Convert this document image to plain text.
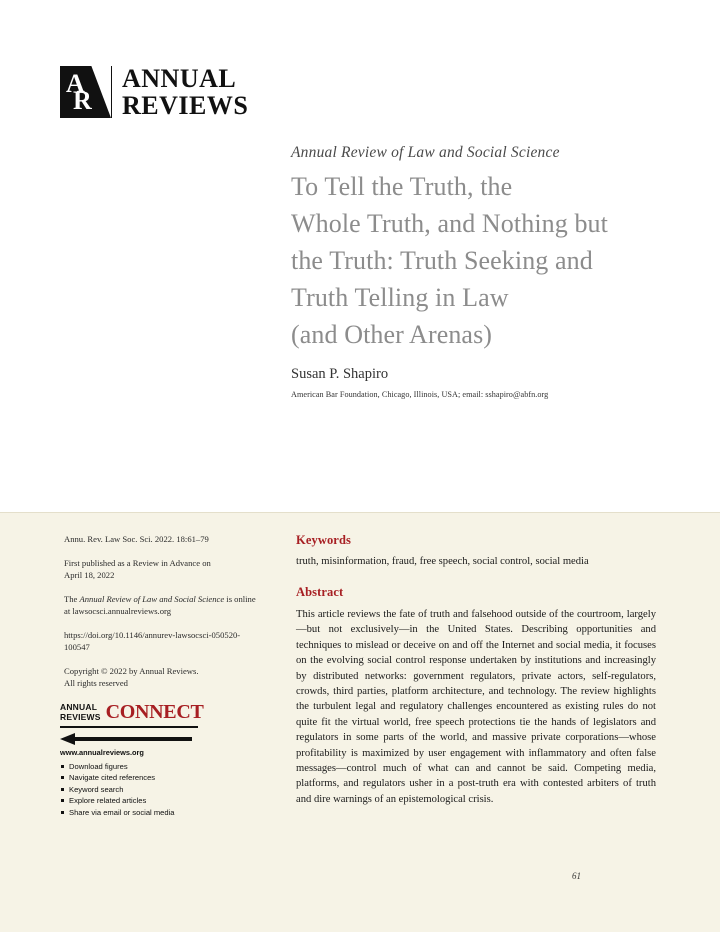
A
R
ANNUAL
REVIEWS
Annual Review of Law and Social Science
To Tell the Truth, the
Whole Truth, and Nothing but
the Truth: Truth Seeking and
Truth Telling in Law
(and Other Arenas)
Susan P. Shapiro
American Bar Foundation, Chicago, Illinois, USA; email: sshapiro@abfn.org

Annu. Rev. Law Soc. Sci. 2022. 18:61–79

First published as a Review in Advance on
April 18, 2022

The Annual Review of Law and Social Science is online
at lawsocsci.annualreviews.org

https://doi.org/10.1146/annurev-lawsocsci-050520-
100547

Copyright © 2022 by Annual Reviews.
All rights reserved

ANNUAL
REVIEWS CONNECT
www.annualreviews.org
Download figures
Navigate cited references
Keyword search
Explore related articles
Share via email or social media
Keywords
truth, misinformation, fraud, free speech, social control, social media
Abstract
This article reviews the fate of truth and falsehood outside of the courtroom, largely—but not exclusively—in the United States. Describing opportunities and techniques to mislead or deceive on and off the Internet and social media, it focuses on the evolving social control response undertaken by institutions and increasingly by distributed networks: government regulators, private actors, self-regulators, crowds, third parties, platform architecture, and technology. The review highlights the turbulent legal and regulatory challenges encountered as existing rules do not quite fit the virtual world, free speech protections tie the hands of legislators and regulators in some parts of the world, and massive private corporations—whose profitability is maximized by user engagement with inflammatory and often false messages—control much of what can and cannot be said. Competing media, platforms, and regulators usher in a post-truth era with contested arbiters of truth and dire warnings of an epistemological crisis.
61
